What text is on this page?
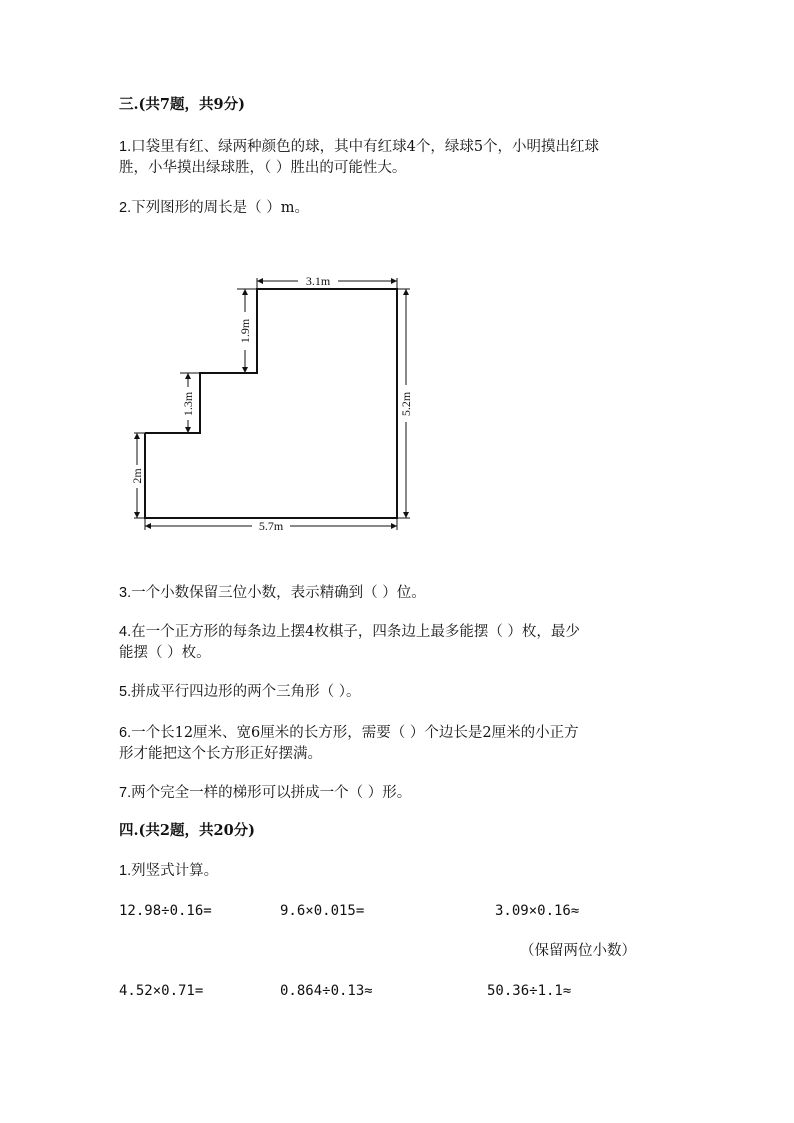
三.(共7题，共9分)
1.口袋里有红、绿两种颜色的球，其中有红球4个，绿球5个，小明摸出红球
胜，小华摸出绿球胜，（ ）胜出的可能性大。
2.下列图形的周长是（ ）m。
3.1m
5.2m
5.7m
2m
1.3m
1.9m
3.一个小数保留三位小数，表示精确到（ ）位。
4.在一个正方形的每条边上摆4枚棋子，四条边上最多能摆（ ）枚，最少
能摆（ ）枚。
5.拼成平行四边形的两个三角形（ ）。
6.一个长12厘米、宽6厘米的长方形，需要（ ）个边长是2厘米的小正方
形才能把这个长方形正好摆满。
7.两个完全一样的梯形可以拼成一个（ ）形。
四.(共2题，共20分)
1.列竖式计算。
12.98÷0.16=	9.6×0.015=	3.09×0.16≈
（保留两位小数）
4.52×0.71=	0.864÷0.13≈	50.36÷1.1≈
